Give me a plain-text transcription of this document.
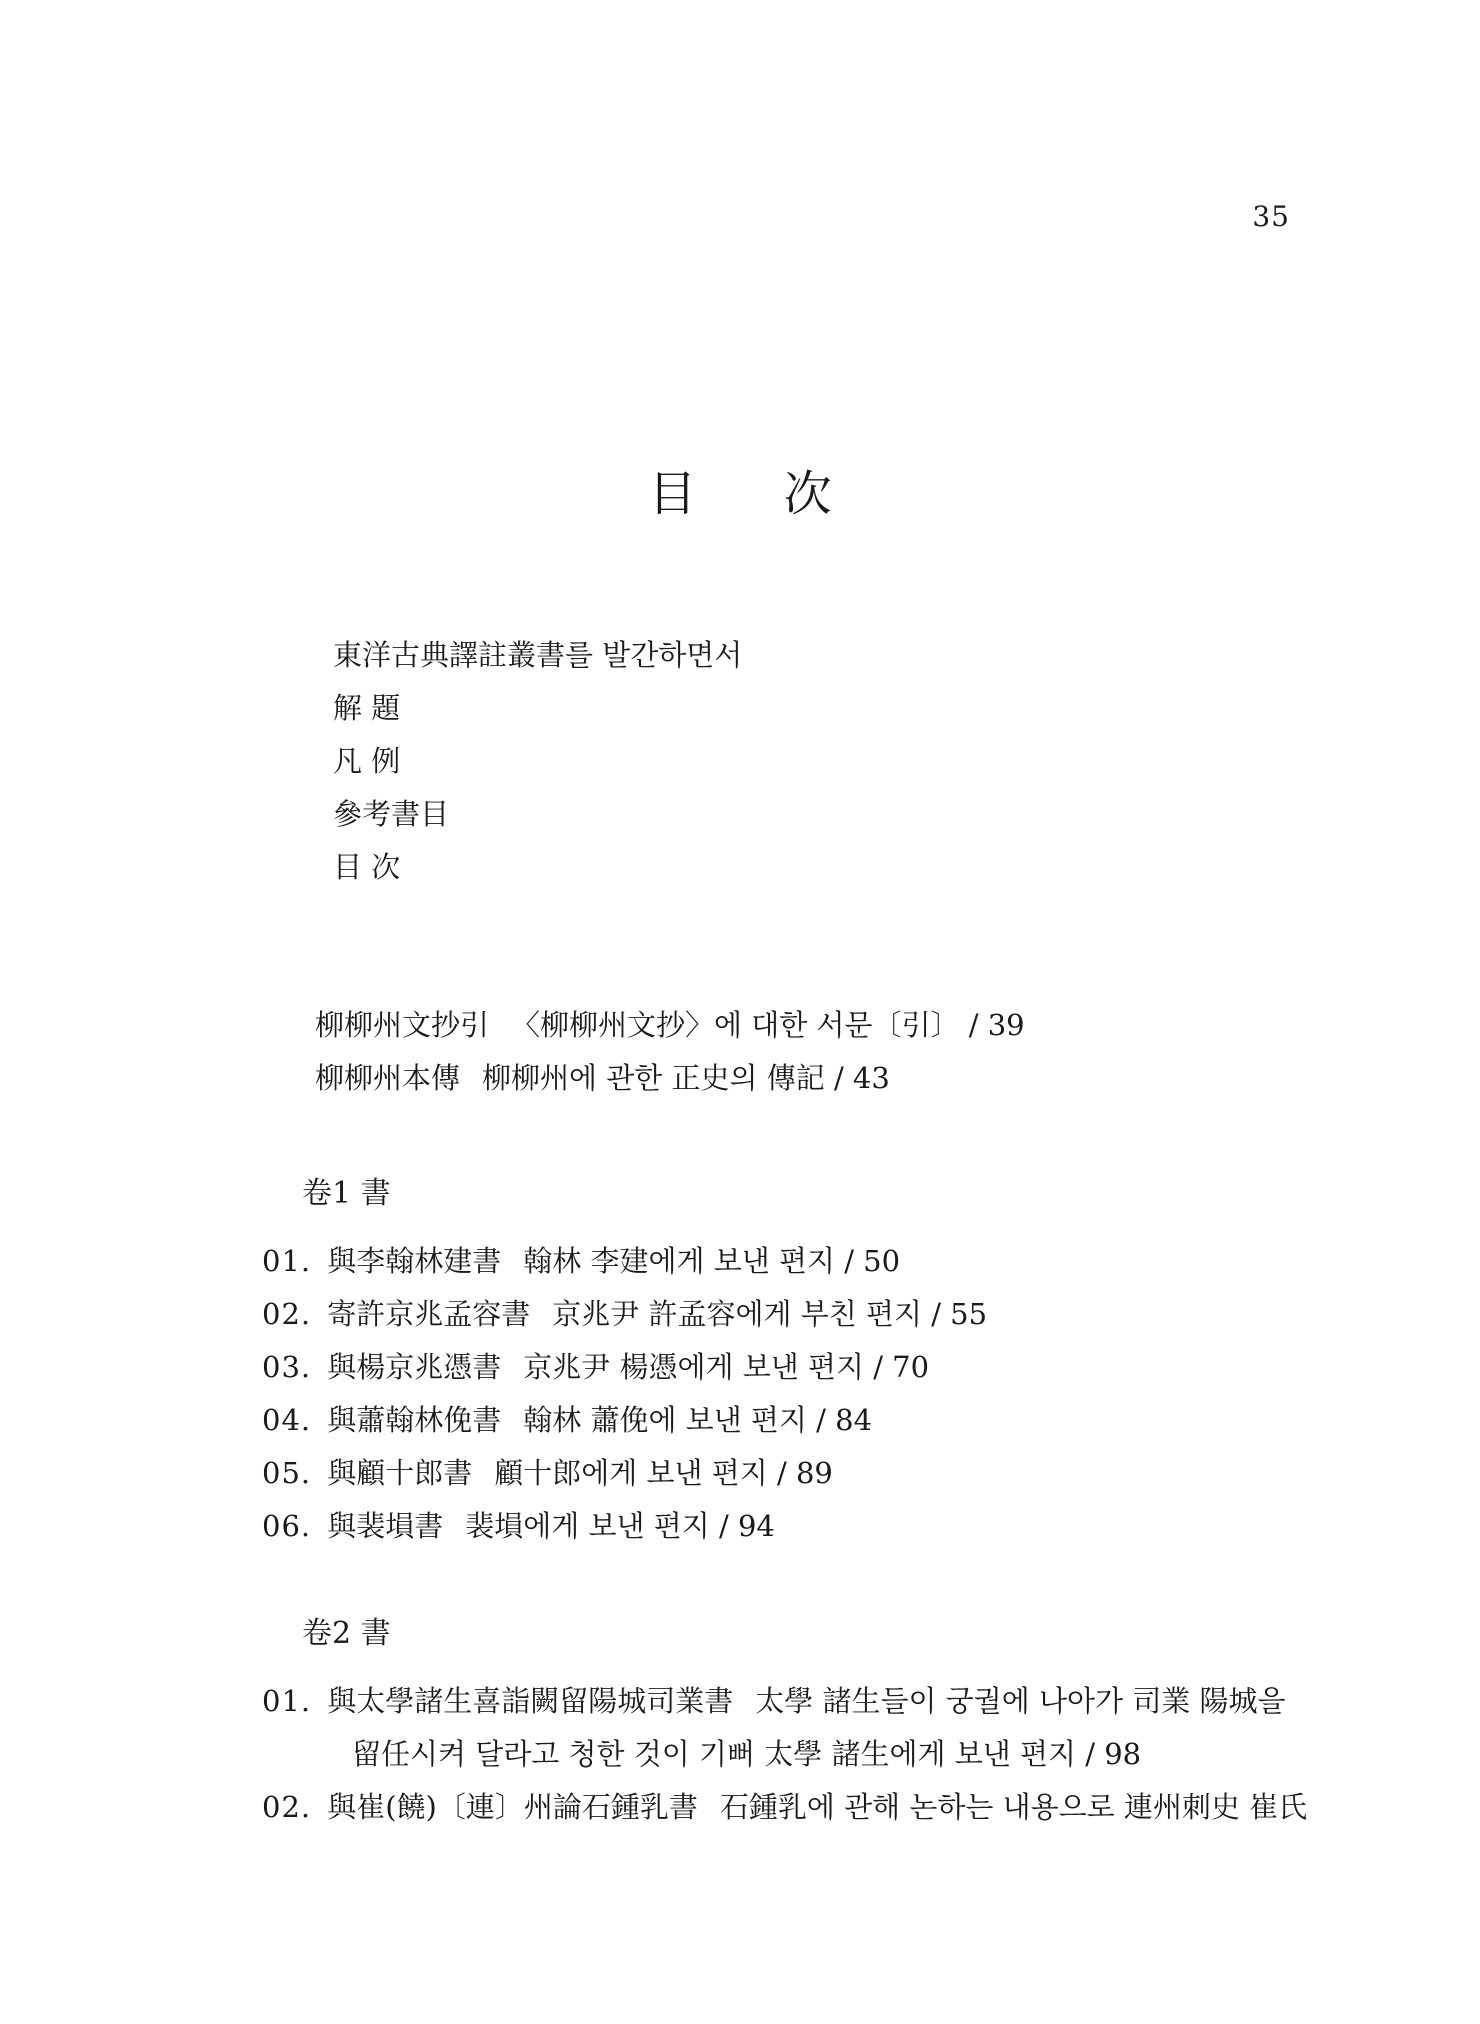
35
目 次
東洋古典譯註叢書를 발간하면서
解 題
凡 例
參考書目
目 次
柳柳州文抄引 〈柳柳州文抄〉에 대한 서문〔引〕 / 39
柳柳州本傳 柳柳州에 관한 正史의 傳記 / 43
卷1 書
01. 與李翰林建書 翰林 李建에게 보낸 편지 / 50
02. 寄許京兆孟容書 京兆尹 許孟容에게 부친 편지 / 55
03. 與楊京兆憑書 京兆尹 楊憑에게 보낸 편지 / 70
04. 與蕭翰林俛書 翰林 蕭俛에 보낸 편지 / 84
05. 與顧十郎書 顧十郎에게 보낸 편지 / 89
06. 與裴塤書 裴塤에게 보낸 편지 / 94
卷2 書
01. 與太學諸生喜詣闕留陽城司業書 太學 諸生들이 궁궐에 나아가 司業 陽城을
留任시켜 달라고 청한 것이 기뻐 太學 諸生에게 보낸 편지 / 98
02. 與崔(饒)〔連〕州論石鍾乳書 石鍾乳에 관해 논하는 내용으로 連州刺史 崔氏
